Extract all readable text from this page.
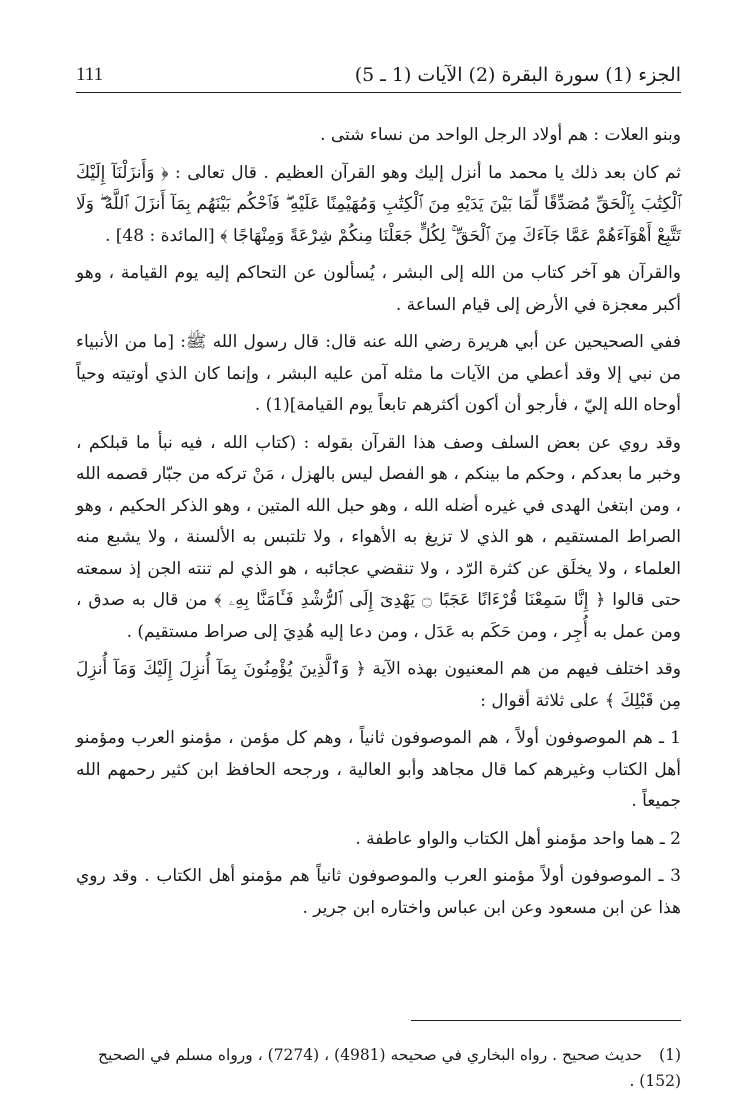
111	الجزء (1) سورة البقرة (2) الآيات (1 ـ 5)

وبنو العلات : هم أولاد الرجل الواحد من نساء شتى .

ثم كان بعد ذلك يا محمد ما أنزل إليك وهو القرآن العظيم . قال تعالى : ﴿ وَأَنزَلْنَآ إِلَيْكَ ٱلْكِتَٰبَ بِٱلْحَقِّ مُصَدِّقًا لِّمَا بَيْنَ يَدَيْهِ مِنَ ٱلْكِتَٰبِ وَمُهَيْمِنًا عَلَيْهِ ۖ فَٱحْكُم بَيْنَهُم بِمَآ أَنزَلَ ٱللَّهُ ۖ وَلَا تَتَّبِعْ أَهْوَآءَهُمْ عَمَّا جَآءَكَ مِنَ ٱلْحَقِّ ۚ لِكُلٍّ جَعَلْنَا مِنكُمْ شِرْعَةً وَمِنْهَاجًا ﴾ [المائدة : 48] .

والقرآن هو آخر كتاب من الله إلى البشر ، يُسألون عن التحاكم إليه يوم القيامة ، وهو أكبر معجزة في الأرض إلى قيام الساعة .

ففي الصحيحين عن أبي هريرة رضي الله عنه قال: قال رسول الله ﷺ: [ما من الأنبياء من نبي إلا وقد أعطي من الآيات ما مثله آمن عليه البشر ، وإنما كان الذي أوتيته وحياً أوحاه الله إليّ ، فأرجو أن أكون أكثرهم تابعاً يوم القيامة](1) .

وقد روي عن بعض السلف وصف هذا القرآن بقوله : (كتاب الله ، فيه نبأ ما قبلكم ، وخبر ما بعدكم ، وحكم ما بينكم ، هو الفصل ليس بالهزل ، مَنْ تركه من جبّار قصمه الله ، ومن ابتغىٰ الهدى في غيره أضله الله ، وهو حبل الله المتين ، وهو الذكر الحكيم ، وهو الصراط المستقيم ، هو الذي لا تزيغ به الأهواء ، ولا تلتبس به الألسنة ، ولا يشبع منه العلماء ، ولا يخلَق عن كثرة الرّد ، ولا تنقضي عجائبه ، هو الذي لم تنته الجن إذ سمعته حتى قالوا ﴿ إِنَّا سَمِعْنَا قُرْءَانًا عَجَبًا ۝ يَهْدِىٓ إِلَى ٱلرُّشْدِ فَـَٔامَنَّا بِهِۦ ﴾ من قال به صدق ، ومن عمل به أُجِر ، ومن حَكَم به عَدَل ، ومن دعا إليه هُدِيَ إلى صراط مستقيم) .

وقد اختلف فيهم من هم المعنيون بهذه الآية ﴿ وَٱلَّذِينَ يُؤْمِنُونَ بِمَآ أُنزِلَ إِلَيْكَ وَمَآ أُنزِلَ مِن قَبْلِكَ ﴾ على ثلاثة أقوال :

1 ـ هم الموصوفون أولاً ، هم الموصوفون ثانياً ، وهم كل مؤمن ، مؤمنو العرب ومؤمنو أهل الكتاب وغيرهم كما قال مجاهد وأبو العالية ، ورجحه الحافظ ابن كثير رحمهم الله جميعاً .

2 ـ هما واحد مؤمنو أهل الكتاب والواو عاطفة .

3 ـ الموصوفون أولاً مؤمنو العرب والموصوفون ثانياً هم مؤمنو أهل الكتاب . وقد روي هذا عن ابن مسعود وعن ابن عباس واختاره ابن جرير .

(1) حديث صحيح . رواه البخاري في صحيحه (4981) ، (7274) ، ورواه مسلم في الصحيح (152) .
